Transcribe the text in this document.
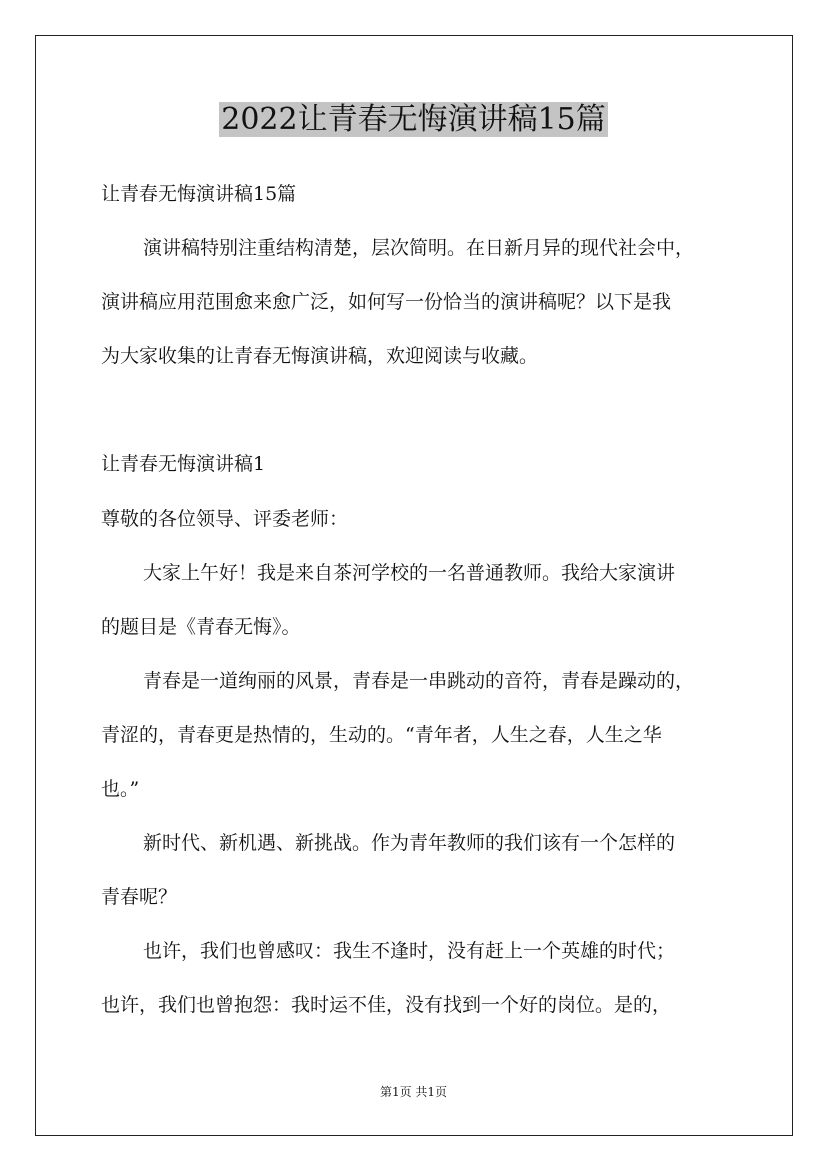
2022让青春无悔演讲稿15篇

让青春无悔演讲稿15篇

演讲稿特别注重结构清楚，层次简明。在日新月异的现代社会中，

演讲稿应用范围愈来愈广泛，如何写一份恰当的演讲稿呢？以下是我

为大家收集的让青春无悔演讲稿，欢迎阅读与收藏。

让青春无悔演讲稿1

尊敬的各位领导、评委老师：

大家上午好！我是来自茶河学校的一名普通教师。我给大家演讲

的题目是《青春无悔》。

青春是一道绚丽的风景，青春是一串跳动的音符，青春是躁动的，

青涩的，青春更是热情的，生动的。“青年者，人生之春，人生之华

也。”

新时代、新机遇、新挑战。作为青年教师的我们该有一个怎样的

青春呢？

也许，我们也曾感叹：我生不逢时，没有赶上一个英雄的时代；

也许，我们也曾抱怨：我时运不佳，没有找到一个好的岗位。是的，

第1页 共1页
